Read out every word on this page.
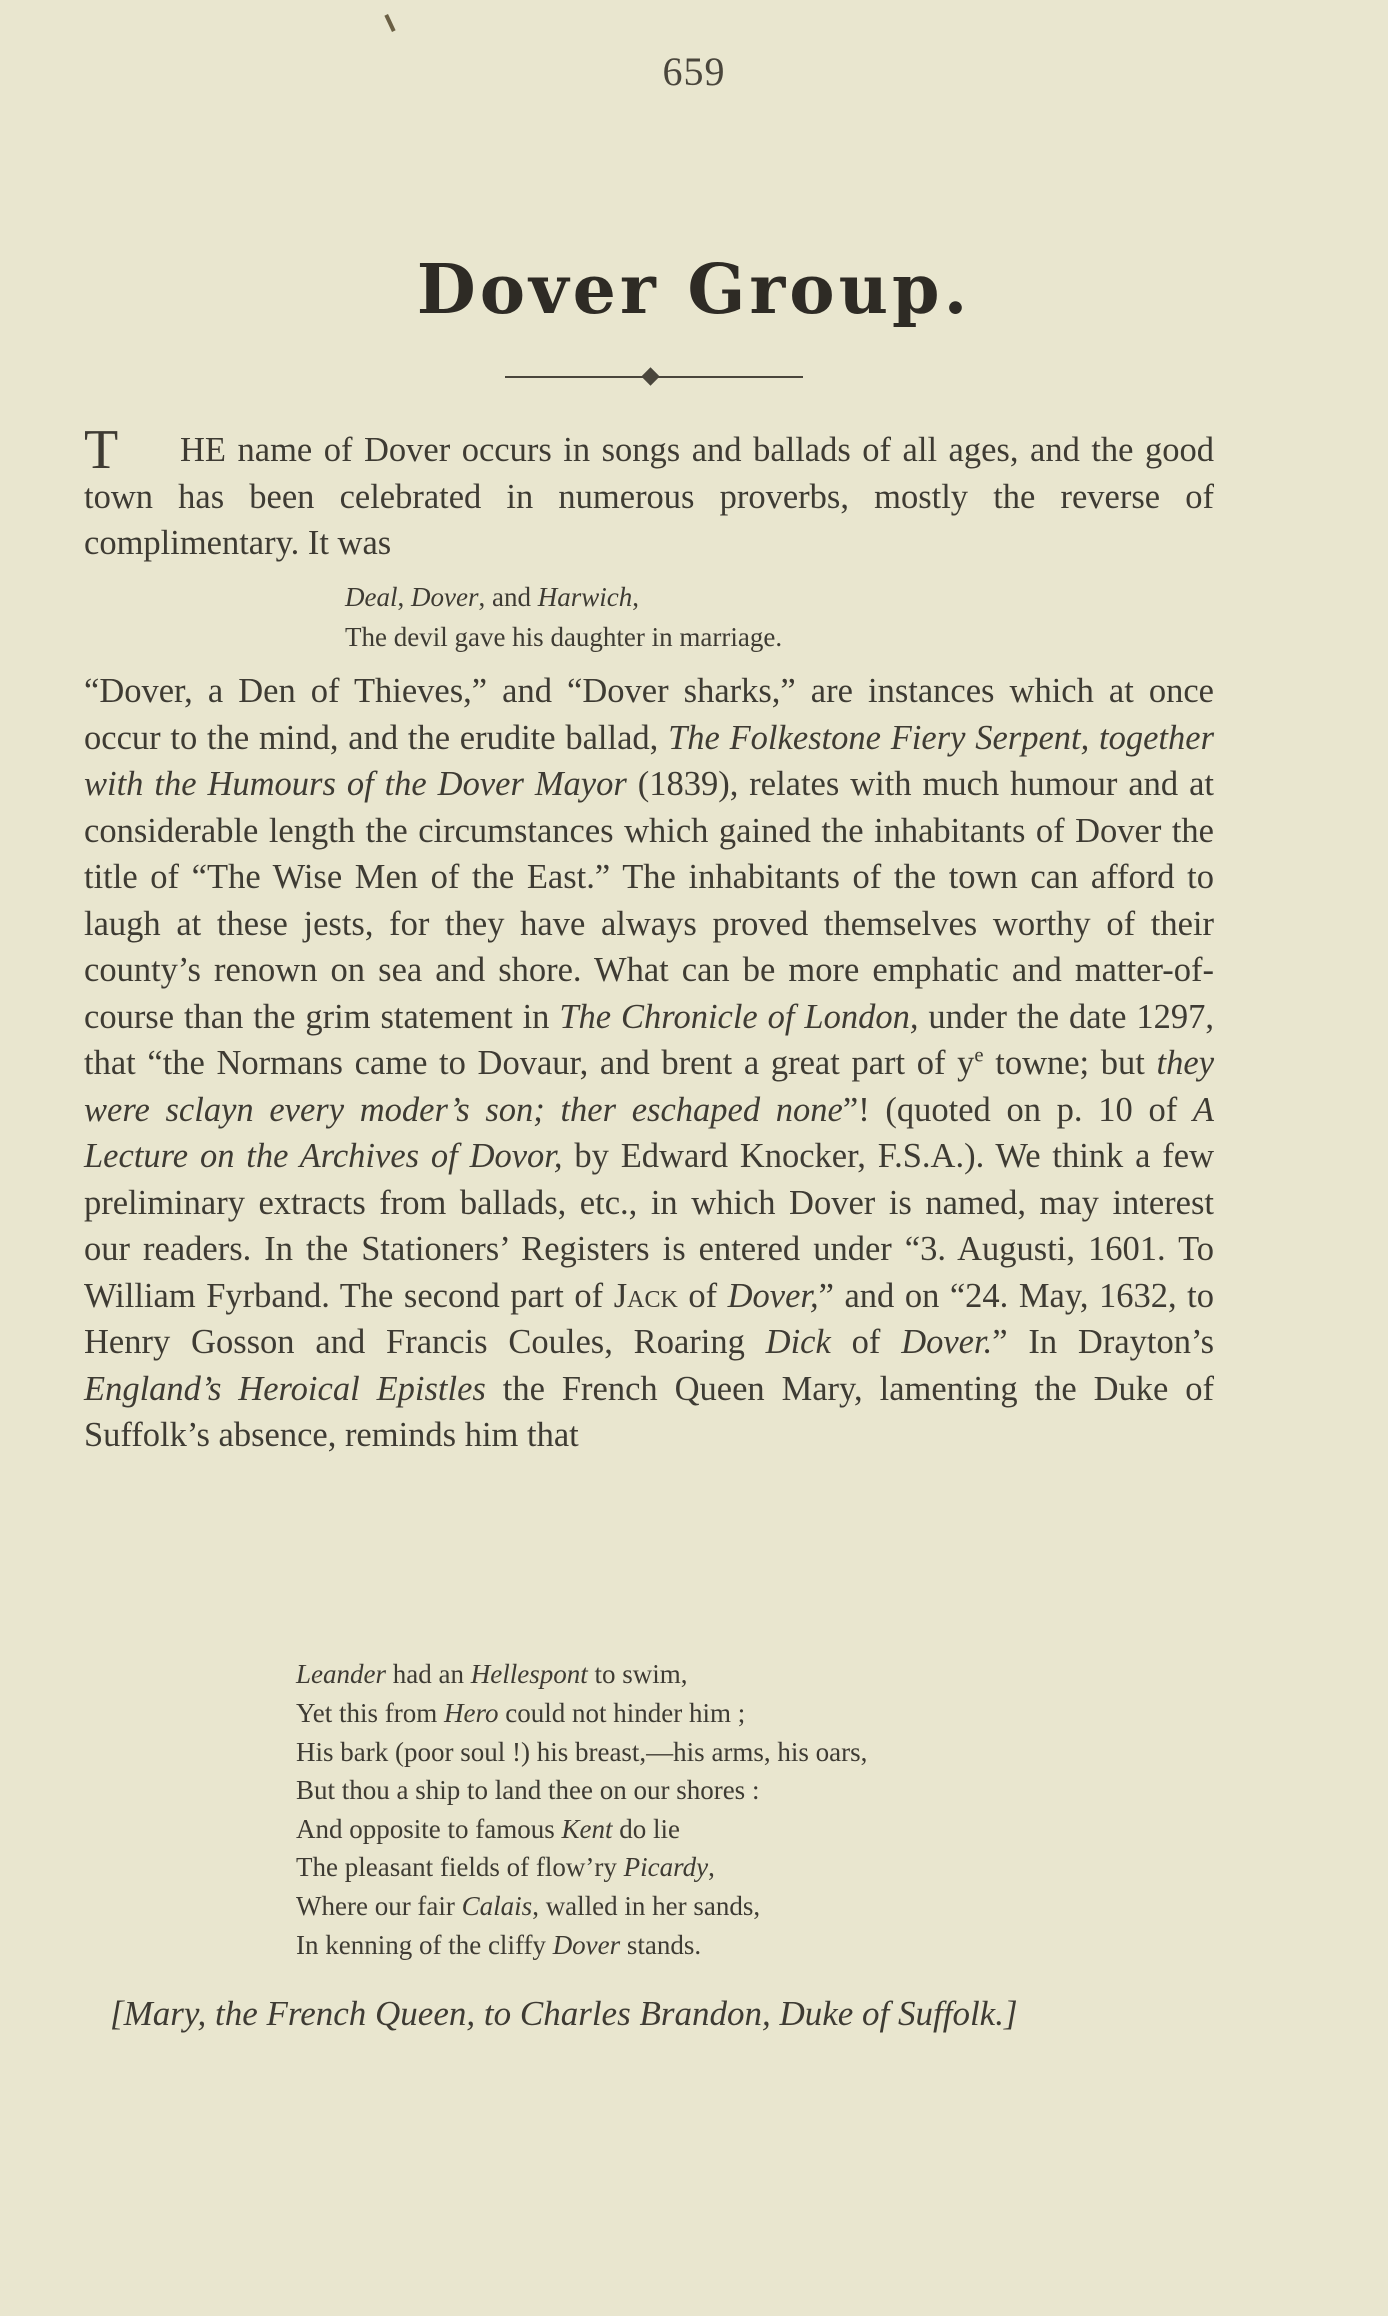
659
Dover Group.
T	HE name of Dover occurs in songs and ballads of all ages, and the good town has been celebrated in numerous proverbs, mostly the reverse of complimentary. It was
Deal, Dover, and Harwich,
The devil gave his daughter in marriage.
“Dover, a Den of Thieves,” and “Dover sharks,” are instances which at once occur to the mind, and the erudite ballad, The Folkestone Fiery Serpent, together with the Humours of the Dover Mayor (1839), relates with much humour and at considerable length the circumstances which gained the inhabitants of Dover the title of “The Wise Men of the East.” The inhabitants of the town can afford to laugh at these jests, for they have always proved themselves worthy of their county’s renown on sea and shore. What can be more emphatic and matter-of-course than the grim statement in The Chronicle of London, under the date 1297, that “the Normans came to Dovaur, and brent a great part of $y^e$ towne; but they were sclayn every moder’s son; ther eschaped none”! (quoted on p. 10 of A Lecture on the Archives of Dovor, by Edward Knocker, F.S.A.). We think a few preliminary extracts from ballads, etc., in which Dover is named, may interest our readers. In the Stationers’ Registers is entered under “3. Augusti, 1601. To William Fyrband. The second part of Jack of Dover,” and on “24. May, 1632, to Henry Gosson and Francis Coules, Roaring Dick of Dover.” In Drayton’s England’s Heroical Epistles the French Queen Mary, lamenting the Duke of Suffolk’s absence, reminds him that
Leander had an Hellespont to swim,
Yet this from Hero could not hinder him ;
His bark (poor soul !) his breast,—his arms, his oars,
But thou a ship to land thee on our shores :
And opposite to famous Kent do lie
The pleasant fields of flow’ry Picardy,
Where our fair Calais, walled in her sands,
In kenning of the cliffy Dover stands.
[Mary, the French Queen, to Charles Brandon, Duke of Suffolk.]
